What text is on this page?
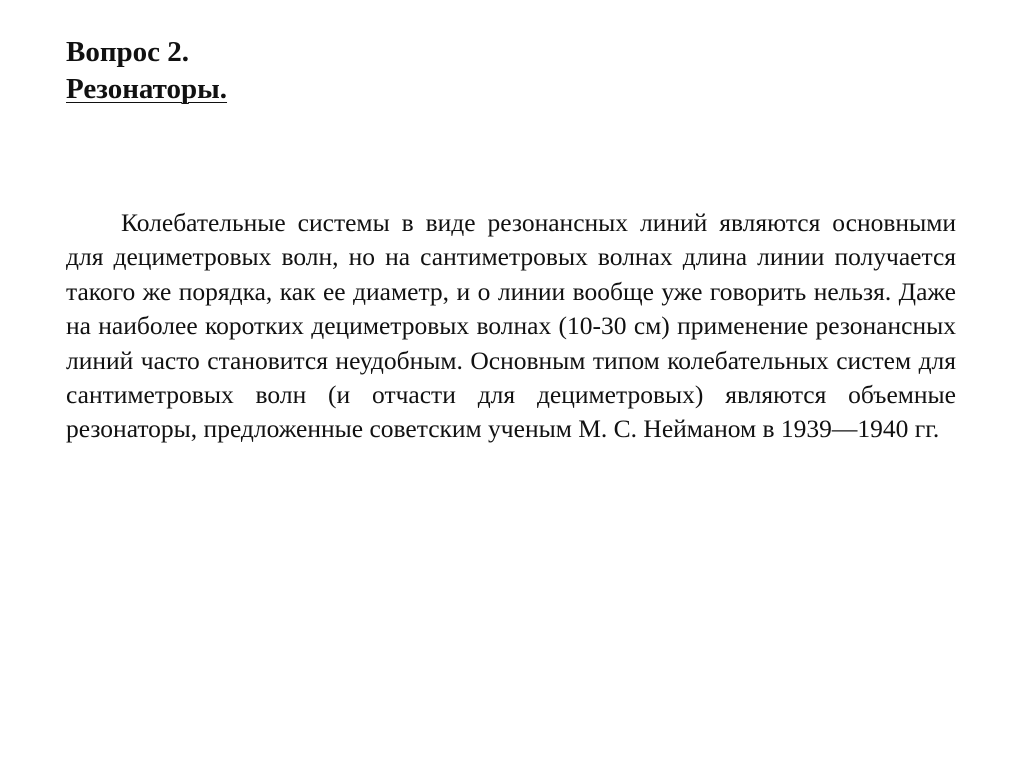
Вопрос 2.
Резонаторы.

Колебательные системы в виде резонансных линий являются основными для дециметровых волн, но на сантиметровых волнах длина линии получается такого же порядка, как ее диаметр, и о линии вообще уже говорить нельзя. Даже на наиболее коротких дециметровых волнах (10-30 см) применение резонансных линий часто становится неудобным. Основным типом колебательных систем для сантиметровых волн (и отчасти для дециметровых) являются объемные резонаторы, предложенные советским ученым М. С. Нейманом в 1939—1940 гг.
